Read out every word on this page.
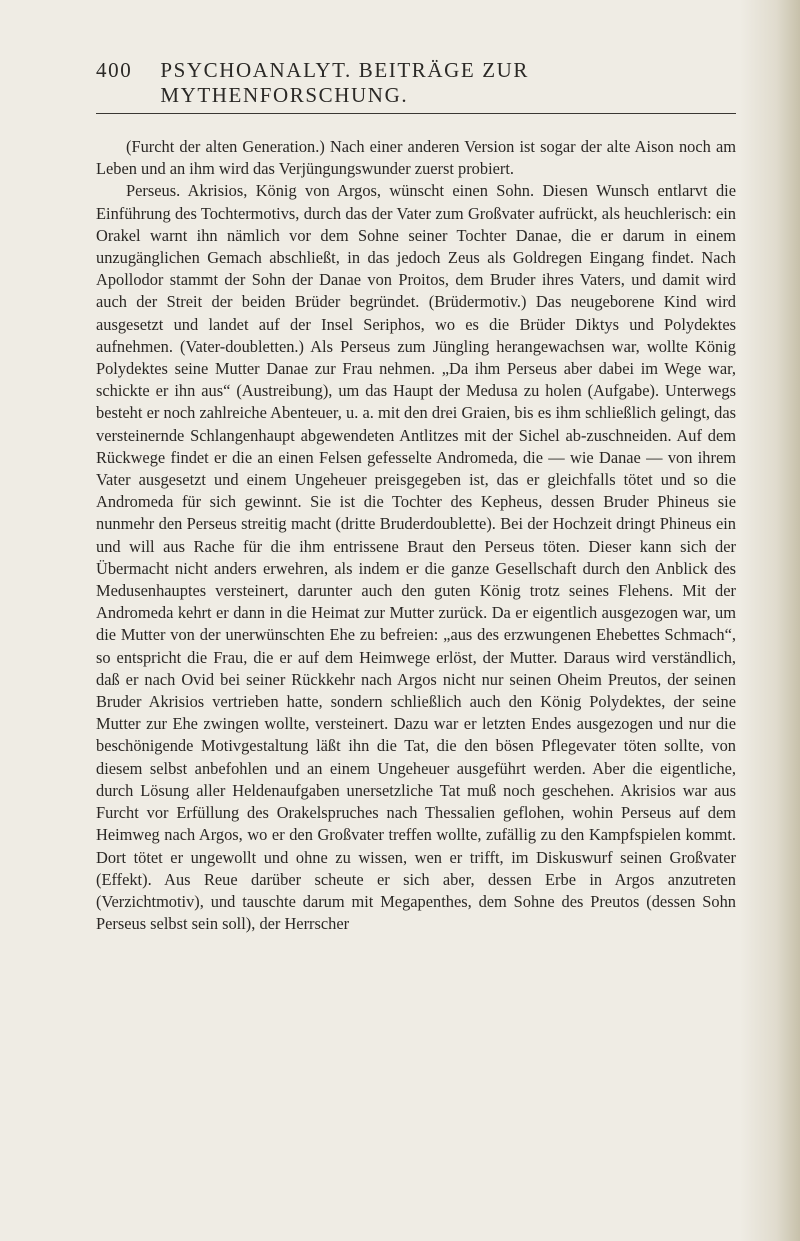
400 PSYCHOANALYT. BEITRÄGE ZUR MYTHENFORSCHUNG.

(Furcht der alten Generation.) Nach einer anderen Version ist sogar der alte Aison noch am Leben und an ihm wird das Verjüngungswunder zuerst probiert.

Perseus. Akrisios, König von Argos, wünscht einen Sohn. Diesen Wunsch entlarvt die Einführung des Tochtermotivs, durch das der Vater zum Großvater aufrückt, als heuchlerisch: ein Orakel warnt ihn nämlich vor dem Sohne seiner Tochter Danae, die er darum in einem unzugänglichen Gemach abschließt, in das jedoch Zeus als Goldregen Eingang findet. Nach Apollodor stammt der Sohn der Danae von Proitos, dem Bruder ihres Vaters, und damit wird auch der Streit der beiden Brüder begründet. (Brüdermotiv.) Das neugeborene Kind wird ausgesetzt und landet auf der Insel Seriphos, wo es die Brüder Diktys und Polydektes aufnehmen. (Vater-doubletten.) Als Perseus zum Jüngling herangewachsen war, wollte König Polydektes seine Mutter Danae zur Frau nehmen. „Da ihm Perseus aber dabei im Wege war, schickte er ihn aus“ (Austreibung), um das Haupt der Medusa zu holen (Aufgabe). Unterwegs besteht er noch zahlreiche Abenteuer, u. a. mit den drei Graien, bis es ihm schließlich gelingt, das versteinernde Schlangenhaupt abgewendeten Antlitzes mit der Sichel ab-zuschneiden. Auf dem Rückwege findet er die an einen Felsen gefesselte Andromeda, die — wie Danae — von ihrem Vater ausgesetzt und einem Ungeheuer preisgegeben ist, das er gleichfalls tötet und so die Andromeda für sich gewinnt. Sie ist die Tochter des Kepheus, dessen Bruder Phineus sie nunmehr den Perseus streitig macht (dritte Bruderdoublette). Bei der Hochzeit dringt Phineus ein und will aus Rache für die ihm entrissene Braut den Perseus töten. Dieser kann sich der Übermacht nicht anders erwehren, als indem er die ganze Gesellschaft durch den Anblick des Medusenhauptes versteinert, darunter auch den guten König trotz seines Flehens. Mit der Andromeda kehrt er dann in die Heimat zur Mutter zurück. Da er eigentlich ausgezogen war, um die Mutter von der unerwünschten Ehe zu befreien: „aus des erzwungenen Ehebettes Schmach“, so entspricht die Frau, die er auf dem Heimwege erlöst, der Mutter. Daraus wird verständlich, daß er nach Ovid bei seiner Rückkehr nach Argos nicht nur seinen Oheim Preutos, der seinen Bruder Akrisios vertrieben hatte, sondern schließlich auch den König Polydektes, der seine Mutter zur Ehe zwingen wollte, versteinert. Dazu war er letzten Endes ausgezogen und nur die beschönigende Motivgestaltung läßt ihn die Tat, die den bösen Pflegevater töten sollte, von diesem selbst anbefohlen und an einem Ungeheuer ausgeführt werden. Aber die eigentliche, durch Lösung aller Heldenaufgaben unersetzliche Tat muß noch geschehen. Akrisios war aus Furcht vor Erfüllung des Orakelspruches nach Thessalien geflohen, wohin Perseus auf dem Heimweg nach Argos, wo er den Großvater treffen wollte, zufällig zu den Kampfspielen kommt. Dort tötet er ungewollt und ohne zu wissen, wen er trifft, im Diskuswurf seinen Großvater (Effekt). Aus Reue darüber scheute er sich aber, dessen Erbe in Argos anzutreten (Verzichtmotiv), und tauschte darum mit Megapenthes, dem Sohne des Preutos (dessen Sohn Perseus selbst sein soll), der Herrscher
